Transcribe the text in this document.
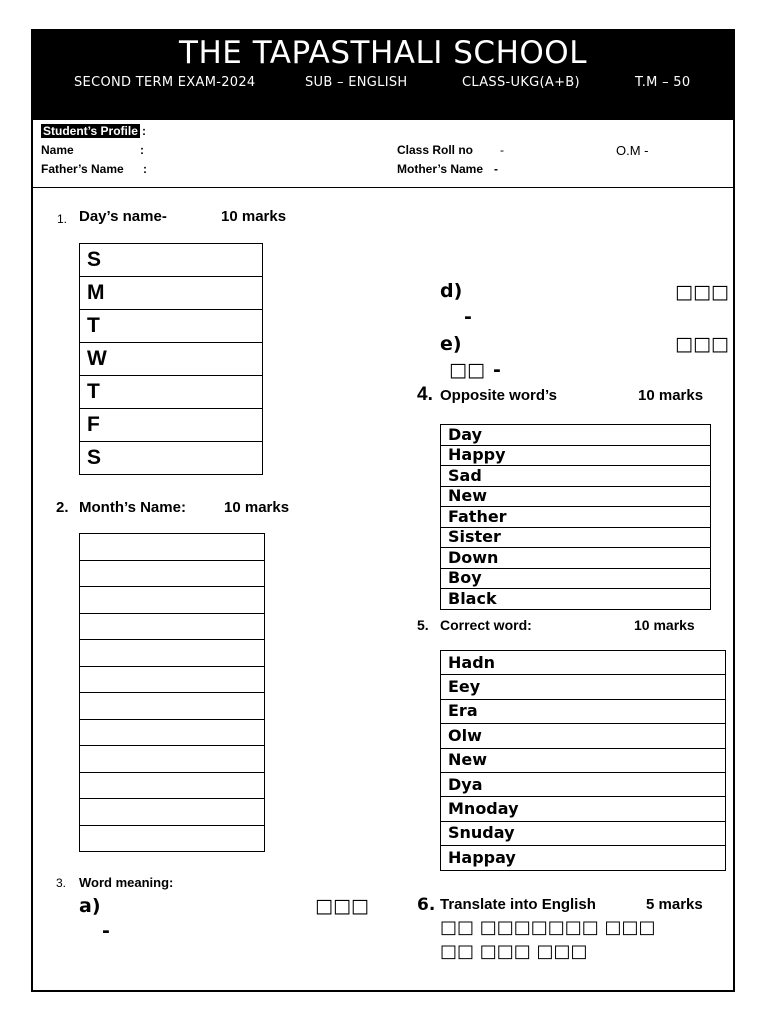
THE TAPASTHALI SCHOOL
SECOND TERM EXAM-2024	SUB – ENGLISH	CLASS-UKG(A+B)	T.M – 50
Student’s Profile :
Name	:
Father’s Name :
Class Roll no -
Mother’s Name -
O.M -
1. Day’s name-	10 marks
S
M
T
W
T
F
S
2. Month’s Name:	10 marks

3. Word meaning:
a)	□□□
-
d)	□□□
-
e)	□□□
□□ -
4. Opposite word’s	10 marks
Day
Happy
Sad
New
Father
Sister
Down
Boy
Black
5. Correct word:	10 marks
Hadn
Eey
Era
Olw
New
Dya
Mnoday
Snuday
Happay
6. Translate into English	5 marks
□□ □□□□□□□ □□□
□□ □□□ □□□
